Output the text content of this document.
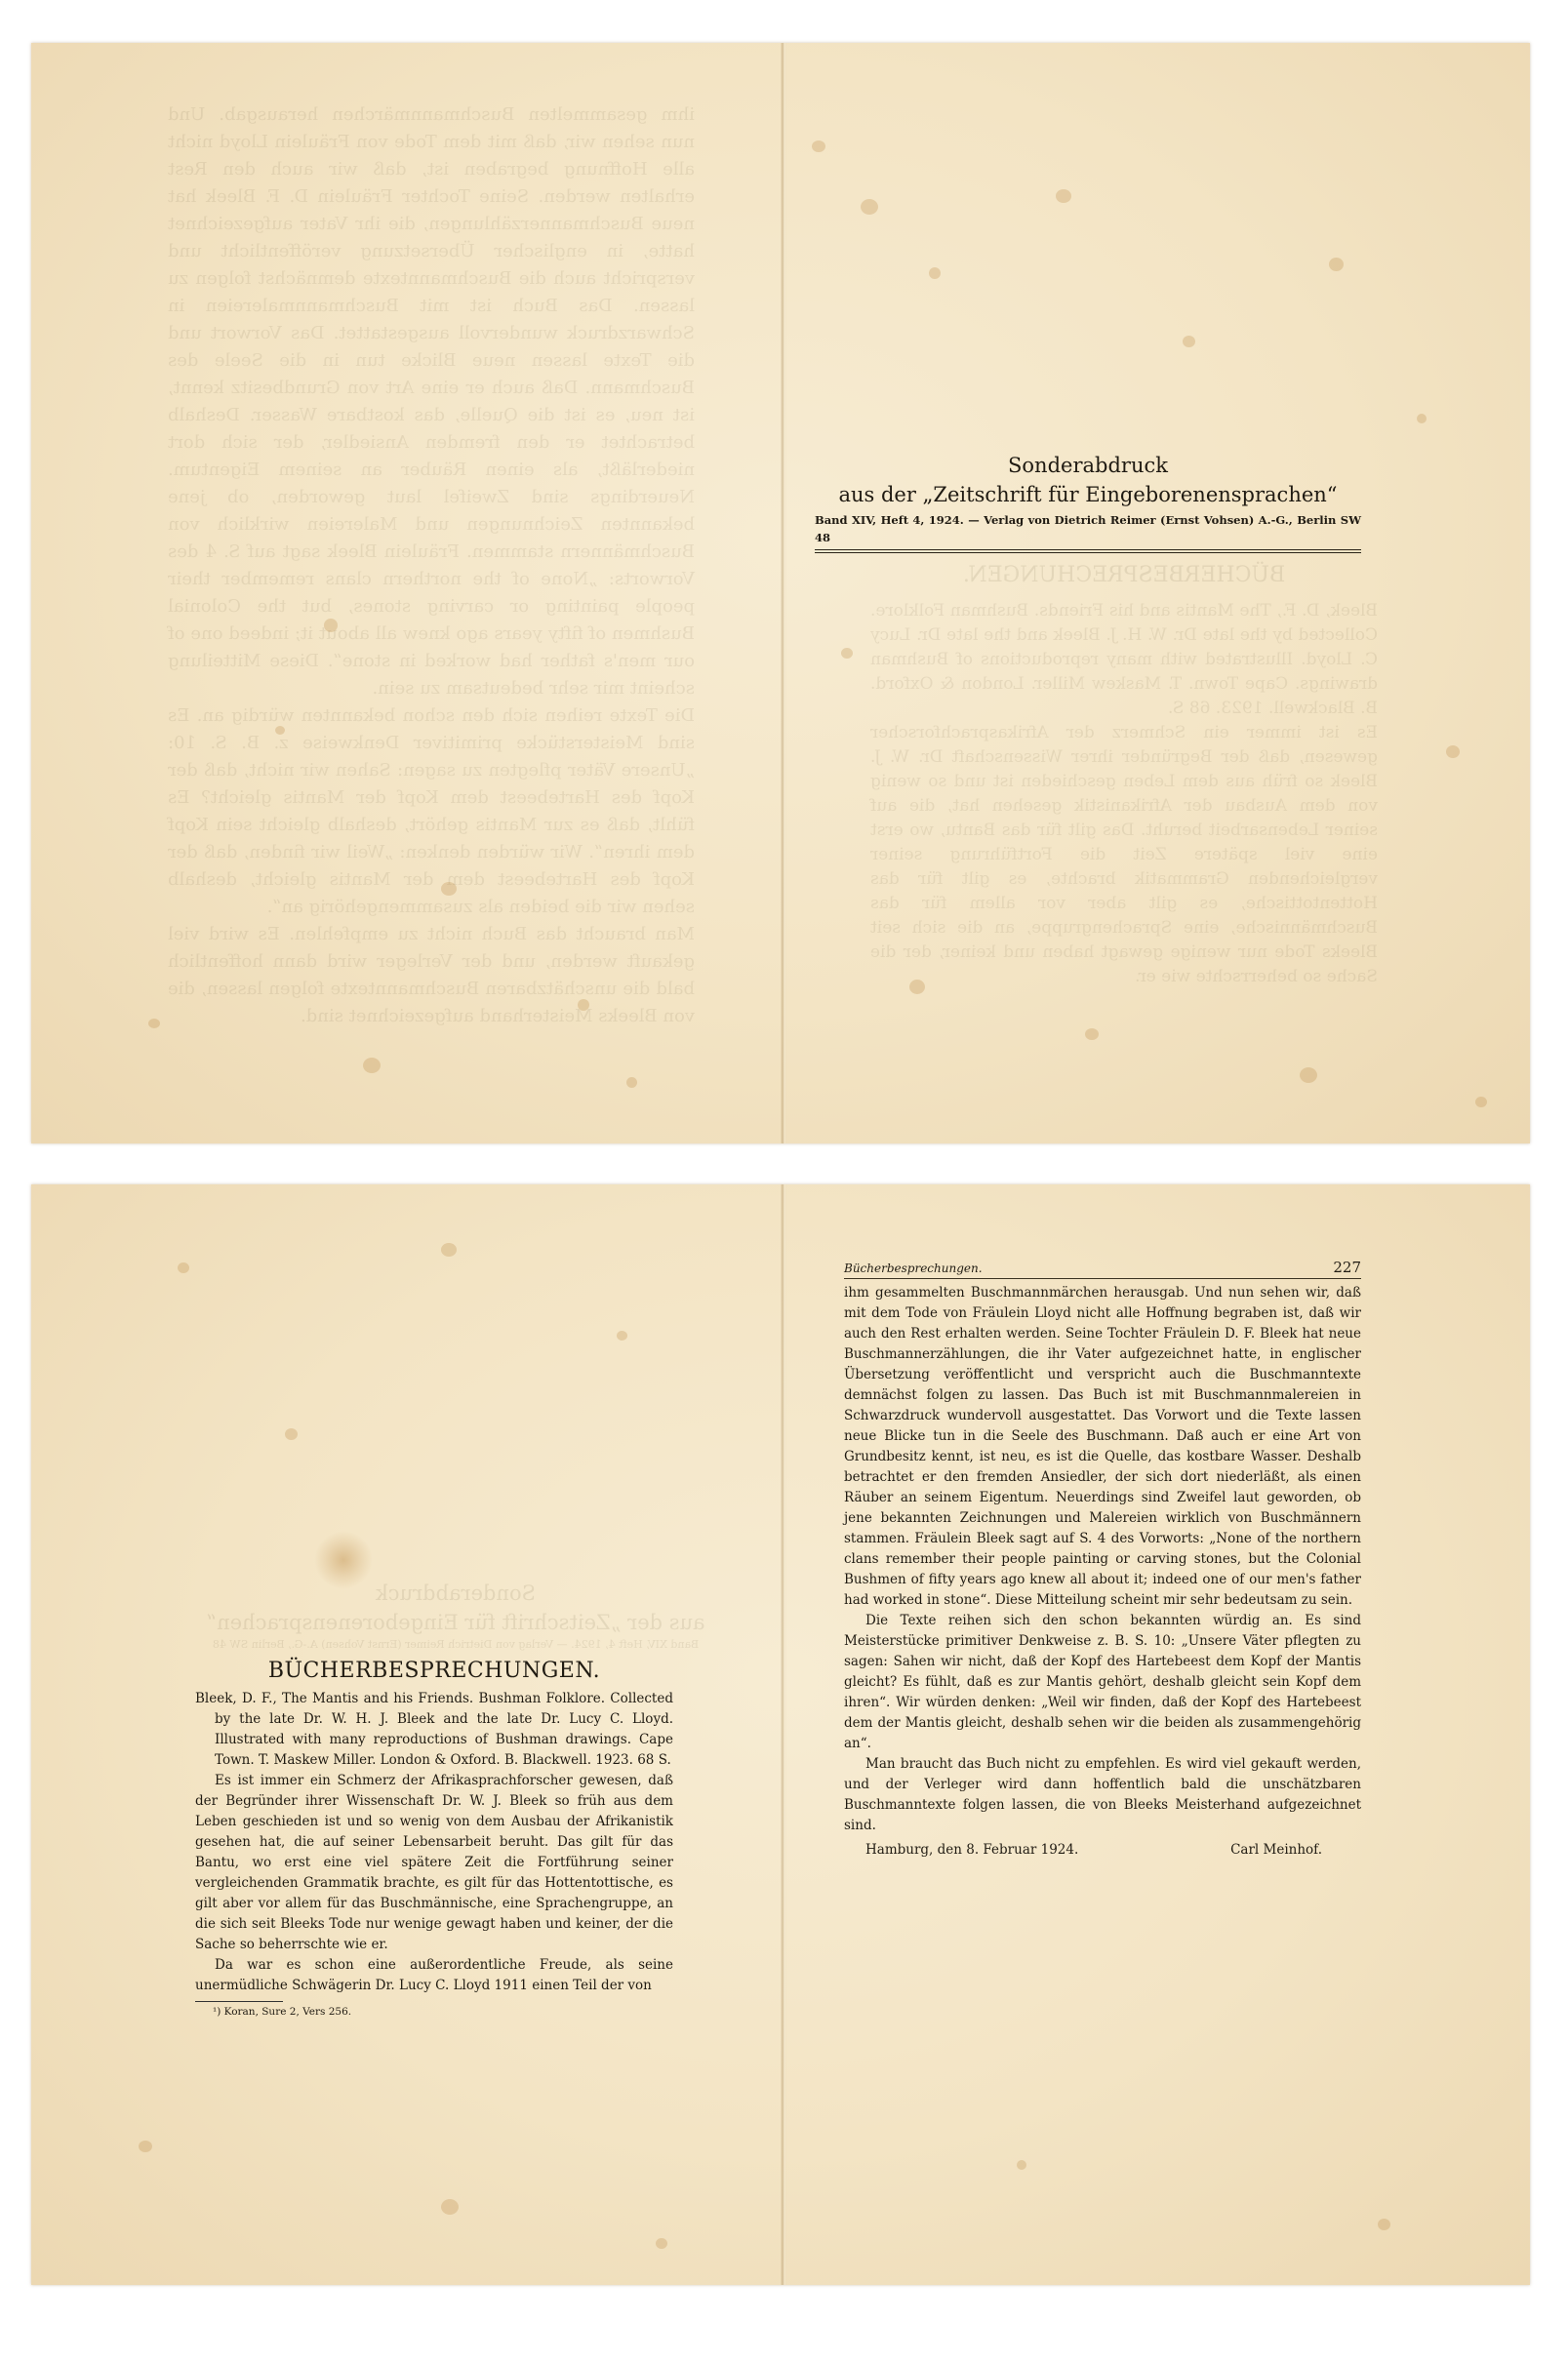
ihm gesammelten Buschmannmärchen herausgab. Und nun sehen wir, daß mit dem Tode von Fräulein Lloyd nicht alle Hoffnung begraben ist, daß wir auch den Rest erhalten werden. Seine Tochter Fräulein D. F. Bleek hat neue Buschmannerzählungen, die ihr Vater aufgezeichnet hatte, in englischer Übersetzung veröffentlicht und verspricht auch die Buschmanntexte demnächst folgen zu lassen. Das Buch ist mit Buschmannmalereien in Schwarzdruck wundervoll ausgestattet. Das Vorwort und die Texte lassen neue Blicke tun in die Seele des Buschmann. Daß auch er eine Art von Grundbesitz kennt, ist neu, es ist die Quelle, das kostbare Wasser. Deshalb betrachtet er den fremden Ansiedler, der sich dort niederläßt, als einen Räuber an seinem Eigentum. Neuerdings sind Zweifel laut geworden, ob jene bekannten Zeichnungen und Malereien wirklich von Buschmännern stammen. Fräulein Bleek sagt auf S. 4 des Vorworts: „None of the northern clans remember their people painting or carving stones, but the Colonial Bushmen of fifty years ago knew all about it; indeed one of our men's father had worked in stone“. Diese Mitteilung scheint mir sehr bedeutsam zu sein.

Die Texte reihen sich den schon bekannten würdig an. Es sind Meisterstücke primitiver Denkweise z. B. S. 10: „Unsere Väter pflegten zu sagen: Sahen wir nicht, daß der Kopf des Hartebeest dem Kopf der Mantis gleicht? Es fühlt, daß es zur Mantis gehört, deshalb gleicht sein Kopf dem ihren“. Wir würden denken: „Weil wir finden, daß der Kopf des Hartebeest dem der Mantis gleicht, deshalb sehen wir die beiden als zusammengehörig an“.

Man braucht das Buch nicht zu empfehlen. Es wird viel gekauft werden, und der Verleger wird dann hoffentlich bald die unschätzbaren Buschmanntexte folgen lassen, die von Bleeks Meisterhand aufgezeichnet sind.

BÜCHERBESPRECHUNGEN.

Bleek, D. F., The Mantis and his Friends. Bushman Folklore. Collected by the late Dr. W. H. J. Bleek and the late Dr. Lucy C. Lloyd. Illustrated with many reproductions of Bushman drawings. Cape Town. T. Maskew Miller. London & Oxford. B. Blackwell. 1923. 68 S.

Es ist immer ein Schmerz der Afrikasprachforscher gewesen, daß der Begründer ihrer Wissenschaft Dr. W. J. Bleek so früh aus dem Leben geschieden ist und so wenig von dem Ausbau der Afrikanistik gesehen hat, die auf seiner Lebensarbeit beruht. Das gilt für das Bantu, wo erst eine viel spätere Zeit die Fortführung seiner vergleichenden Grammatik brachte, es gilt für das Hottentottische, es gilt aber vor allem für das Buschmännische, eine Sprachengruppe, an die sich seit Bleeks Tode nur wenige gewagt haben und keiner, der die Sache so beherrschte wie er.

Sonderabdruck
aus der „Zeitschrift für Eingeborenensprachen“
Band XIV, Heft 4, 1924. — Verlag von Dietrich Reimer (Ernst Vohsen) A.-G., Berlin SW 48
Sonderabdruck
aus der „Zeitschrift für Eingeborenensprachen“
Band XIV, Heft 4, 1924. — Verlag von Dietrich Reimer (Ernst Vohsen) A.-G., Berlin SW 48
BÜCHERBESPRECHUNGEN.

Bleek, D. F., The Mantis and his Friends. Bushman Folklore. Collected by the late Dr. W. H. J. Bleek and the late Dr. Lucy C. Lloyd. Illustrated with many reproductions of Bushman drawings. Cape Town. T. Maskew Miller. London & Oxford. B. Blackwell. 1923. 68 S.

Es ist immer ein Schmerz der Afrikasprachforscher gewesen, daß der Begründer ihrer Wissenschaft Dr. W. J. Bleek so früh aus dem Leben geschieden ist und so wenig von dem Ausbau der Afrikanistik gesehen hat, die auf seiner Lebensarbeit beruht. Das gilt für das Bantu, wo erst eine viel spätere Zeit die Fortführung seiner vergleichenden Grammatik brachte, es gilt für das Hottentottische, es gilt aber vor allem für das Buschmännische, eine Sprachengruppe, an die sich seit Bleeks Tode nur wenige gewagt haben und keiner, der die Sache so beherrschte wie er.

Da war es schon eine außerordentliche Freude, als seine unermüdliche Schwägerin Dr. Lucy C. Lloyd 1911 einen Teil der von

¹) Koran, Sure 2, Vers 256.
Bücherbesprechungen.	227

ihm gesammelten Buschmannmärchen herausgab. Und nun sehen wir, daß mit dem Tode von Fräulein Lloyd nicht alle Hoffnung begraben ist, daß wir auch den Rest erhalten werden. Seine Tochter Fräulein D. F. Bleek hat neue Buschmannerzählungen, die ihr Vater aufgezeichnet hatte, in englischer Übersetzung veröffentlicht und verspricht auch die Buschmanntexte demnächst folgen zu lassen. Das Buch ist mit Buschmannmalereien in Schwarzdruck wundervoll ausgestattet. Das Vorwort und die Texte lassen neue Blicke tun in die Seele des Buschmann. Daß auch er eine Art von Grundbesitz kennt, ist neu, es ist die Quelle, das kostbare Wasser. Deshalb betrachtet er den fremden Ansiedler, der sich dort niederläßt, als einen Räuber an seinem Eigentum. Neuerdings sind Zweifel laut geworden, ob jene bekannten Zeichnungen und Malereien wirklich von Buschmännern stammen. Fräulein Bleek sagt auf S. 4 des Vorworts: „None of the northern clans remember their people painting or carving stones, but the Colonial Bushmen of fifty years ago knew all about it; indeed one of our men's father had worked in stone“. Diese Mitteilung scheint mir sehr bedeutsam zu sein.

Die Texte reihen sich den schon bekannten würdig an. Es sind Meisterstücke primitiver Denkweise z. B. S. 10: „Unsere Väter pflegten zu sagen: Sahen wir nicht, daß der Kopf des Hartebeest dem Kopf der Mantis gleicht? Es fühlt, daß es zur Mantis gehört, deshalb gleicht sein Kopf dem ihren“. Wir würden denken: „Weil wir finden, daß der Kopf des Hartebeest dem der Mantis gleicht, deshalb sehen wir die beiden als zusammengehörig an“.

Man braucht das Buch nicht zu empfehlen. Es wird viel gekauft werden, und der Verleger wird dann hoffentlich bald die unschätzbaren Buschmanntexte folgen lassen, die von Bleeks Meisterhand aufgezeichnet sind.

Hamburg, den 8. Februar 1924.	Carl Meinhof.
